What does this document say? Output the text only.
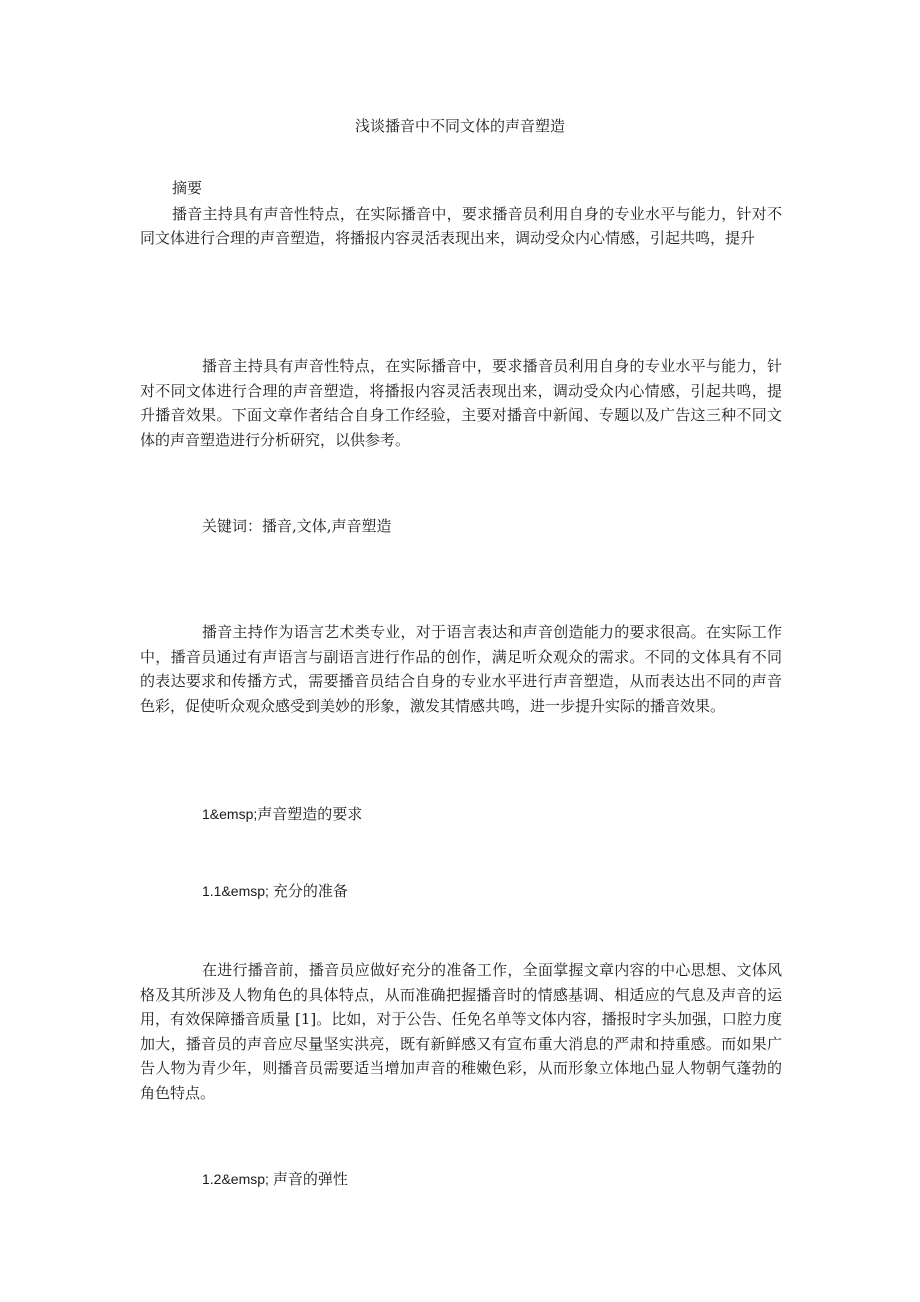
浅谈播音中不同文体的声音塑造
摘要
播音主持具有声音性特点，在实际播音中，要求播音员利用自身的专业水平与能力，针对不同文体进行合理的声音塑造，将播报内容灵活表现出来，调动受众内心情感，引起共鸣，提升
播音主持具有声音性特点，在实际播音中，要求播音员利用自身的专业水平与能力，针对不同文体进行合理的声音塑造，将播报内容灵活表现出来，调动受众内心情感，引起共鸣，提升播音效果。下面文章作者结合自身工作经验，主要对播音中新闻、专题以及广告这三种不同文体的声音塑造进行分析研究，以供参考。
关键词：播音,文体,声音塑造
播音主持作为语言艺术类专业，对于语言表达和声音创造能力的要求很高。在实际工作中，播音员通过有声语言与副语言进行作品的创作，满足听众观众的需求。不同的文体具有不同的表达要求和传播方式，需要播音员结合自身的专业水平进行声音塑造，从而表达出不同的声音色彩，促使听众观众感受到美妙的形象，激发其情感共鸣，进一步提升实际的播音效果。
1&emsp;声音塑造的要求
1.1&emsp; 充分的准备
在进行播音前，播音员应做好充分的准备工作，全面掌握文章内容的中心思想、文体风格及其所涉及人物角色的具体特点，从而准确把握播音时的情感基调、相适应的气息及声音的运用，有效保障播音质量 [1]。比如，对于公告、任免名单等文体内容，播报时字头加强，口腔力度加大，播音员的声音应尽量坚实洪亮，既有新鲜感又有宣布重大消息的严肃和持重感。而如果广告人物为青少年，则播音员需要适当增加声音的稚嫩色彩，从而形象立体地凸显人物朝气蓬勃的角色特点。
1.2&emsp; 声音的弹性
